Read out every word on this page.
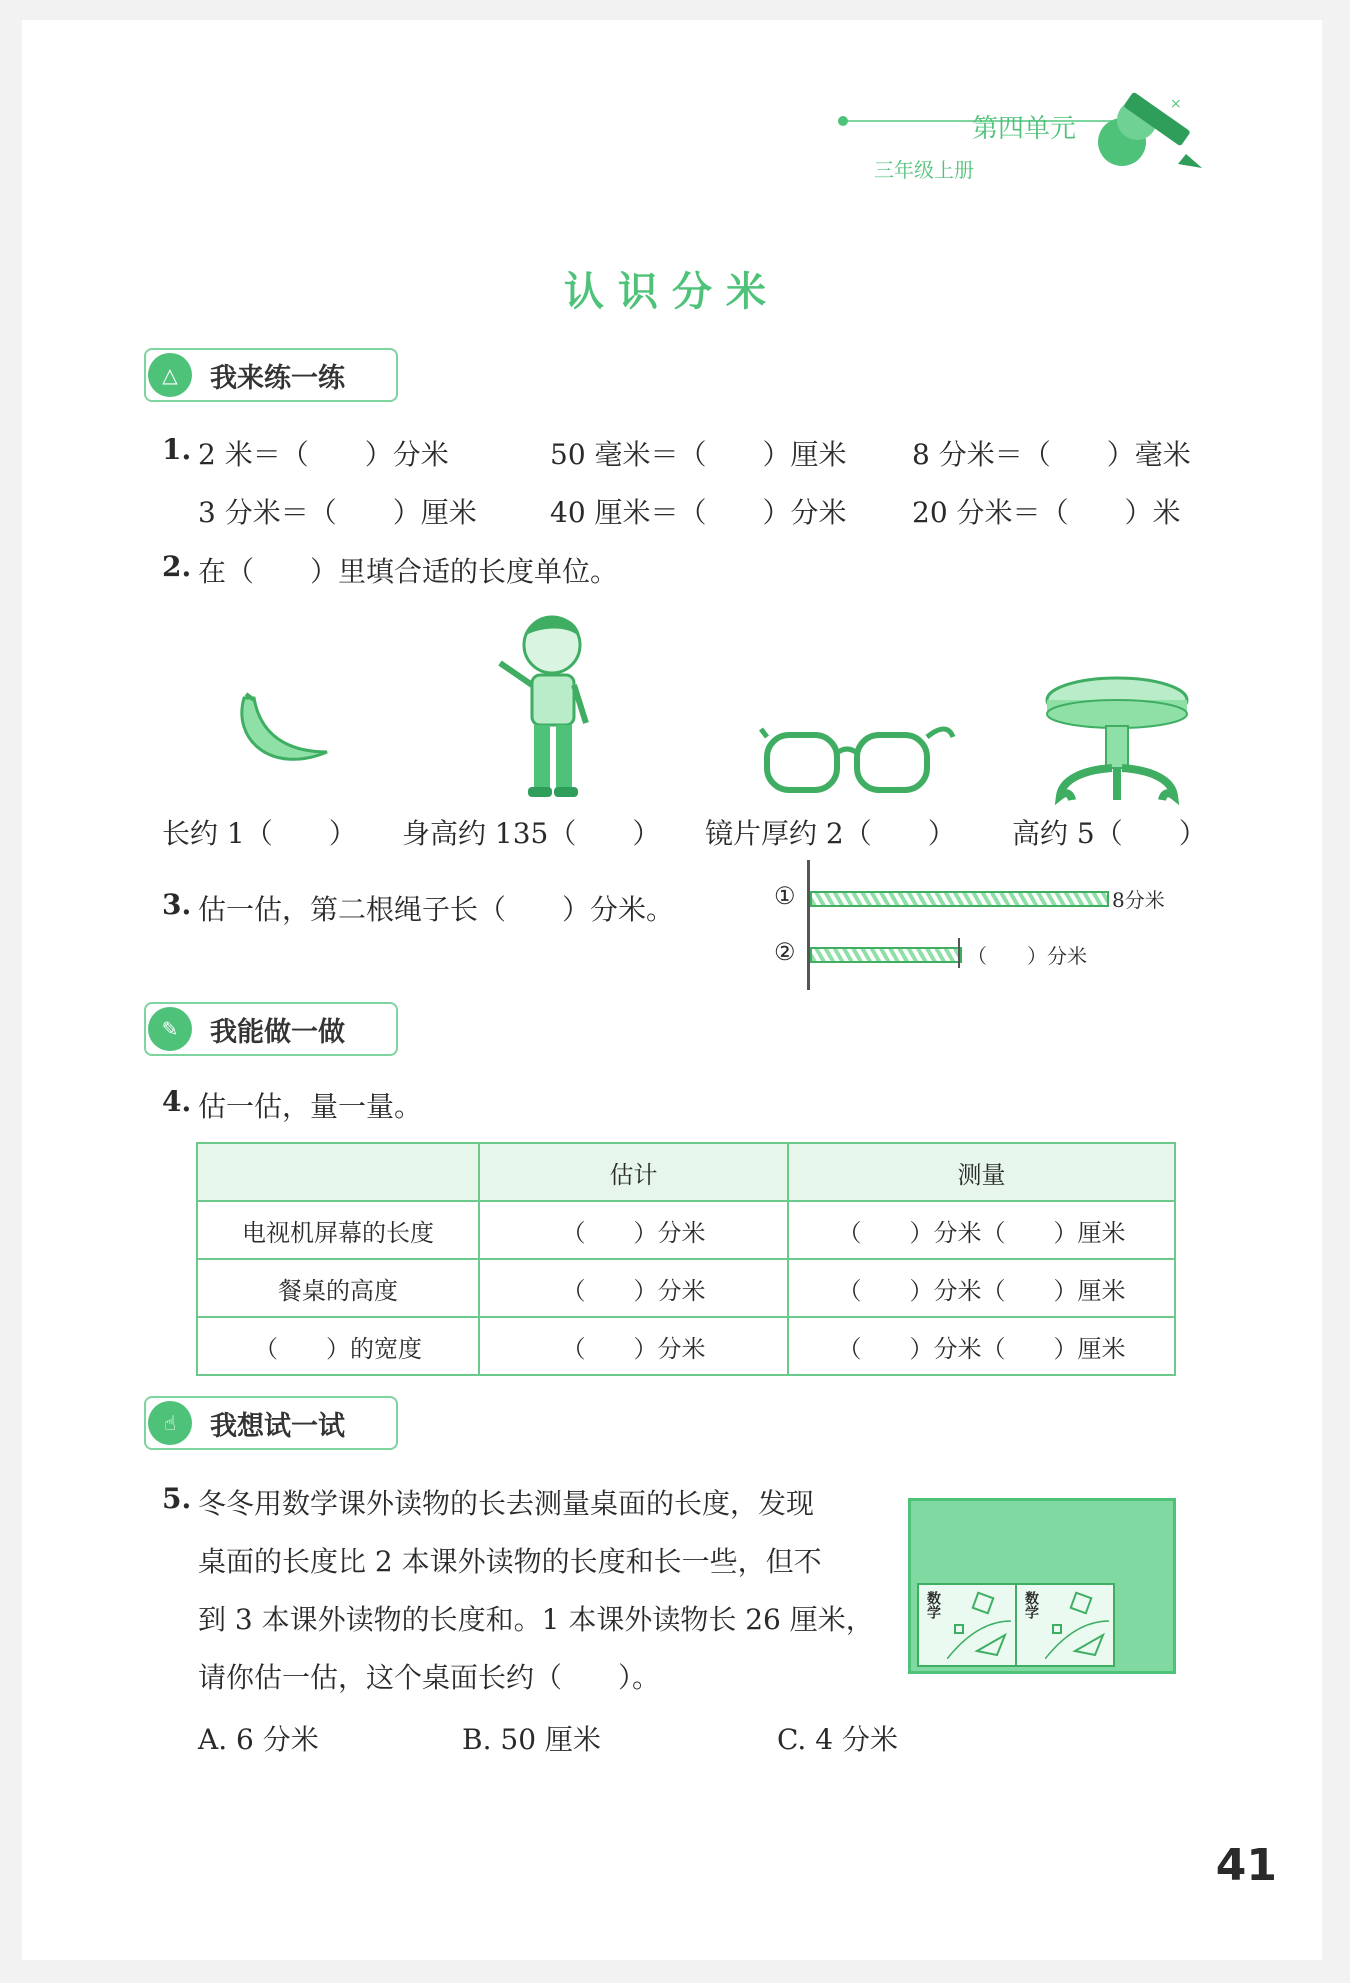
第四单元
三年级上册
×
认识分米
△	我来练一练
1. 2 米＝（　　）分米	50 毫米＝（　　）厘米 8 分米＝（　　）毫米
3 分米＝（　　）厘米	40 厘米＝（　　）分米 20 分米＝（　　）米
2. 在（　　）里填合适的长度单位。
长约 1（　　） 身高约 135（　　） 镜片厚约 2（　　） 高约 5（　　）
3. 估一估，第二根绳子长（　　）分米。	①	8分米
②	（　　）分米
✎	我能做一做
4. 估一估，量一量。
	估计	测量
电视机屏幕的长度	（　　）分米	（　　）分米（　　）厘米
餐桌的高度	（　　）分米	（　　）分米（　　）厘米
（　　）的宽度	（　　）分米	（　　）分米（　　）厘米
☝	我想试一试
5. 冬冬用数学课外读物的长去测量桌面的长度，发现
桌面的长度比 2 本课外读物的长度和长一些，但不
到 3 本课外读物的长度和。1 本课外读物长 26 厘米，
请你估一估，这个桌面长约（　　）。
A. 6 分米	B. 50 厘米	C. 4 分米
数学	数学
41
